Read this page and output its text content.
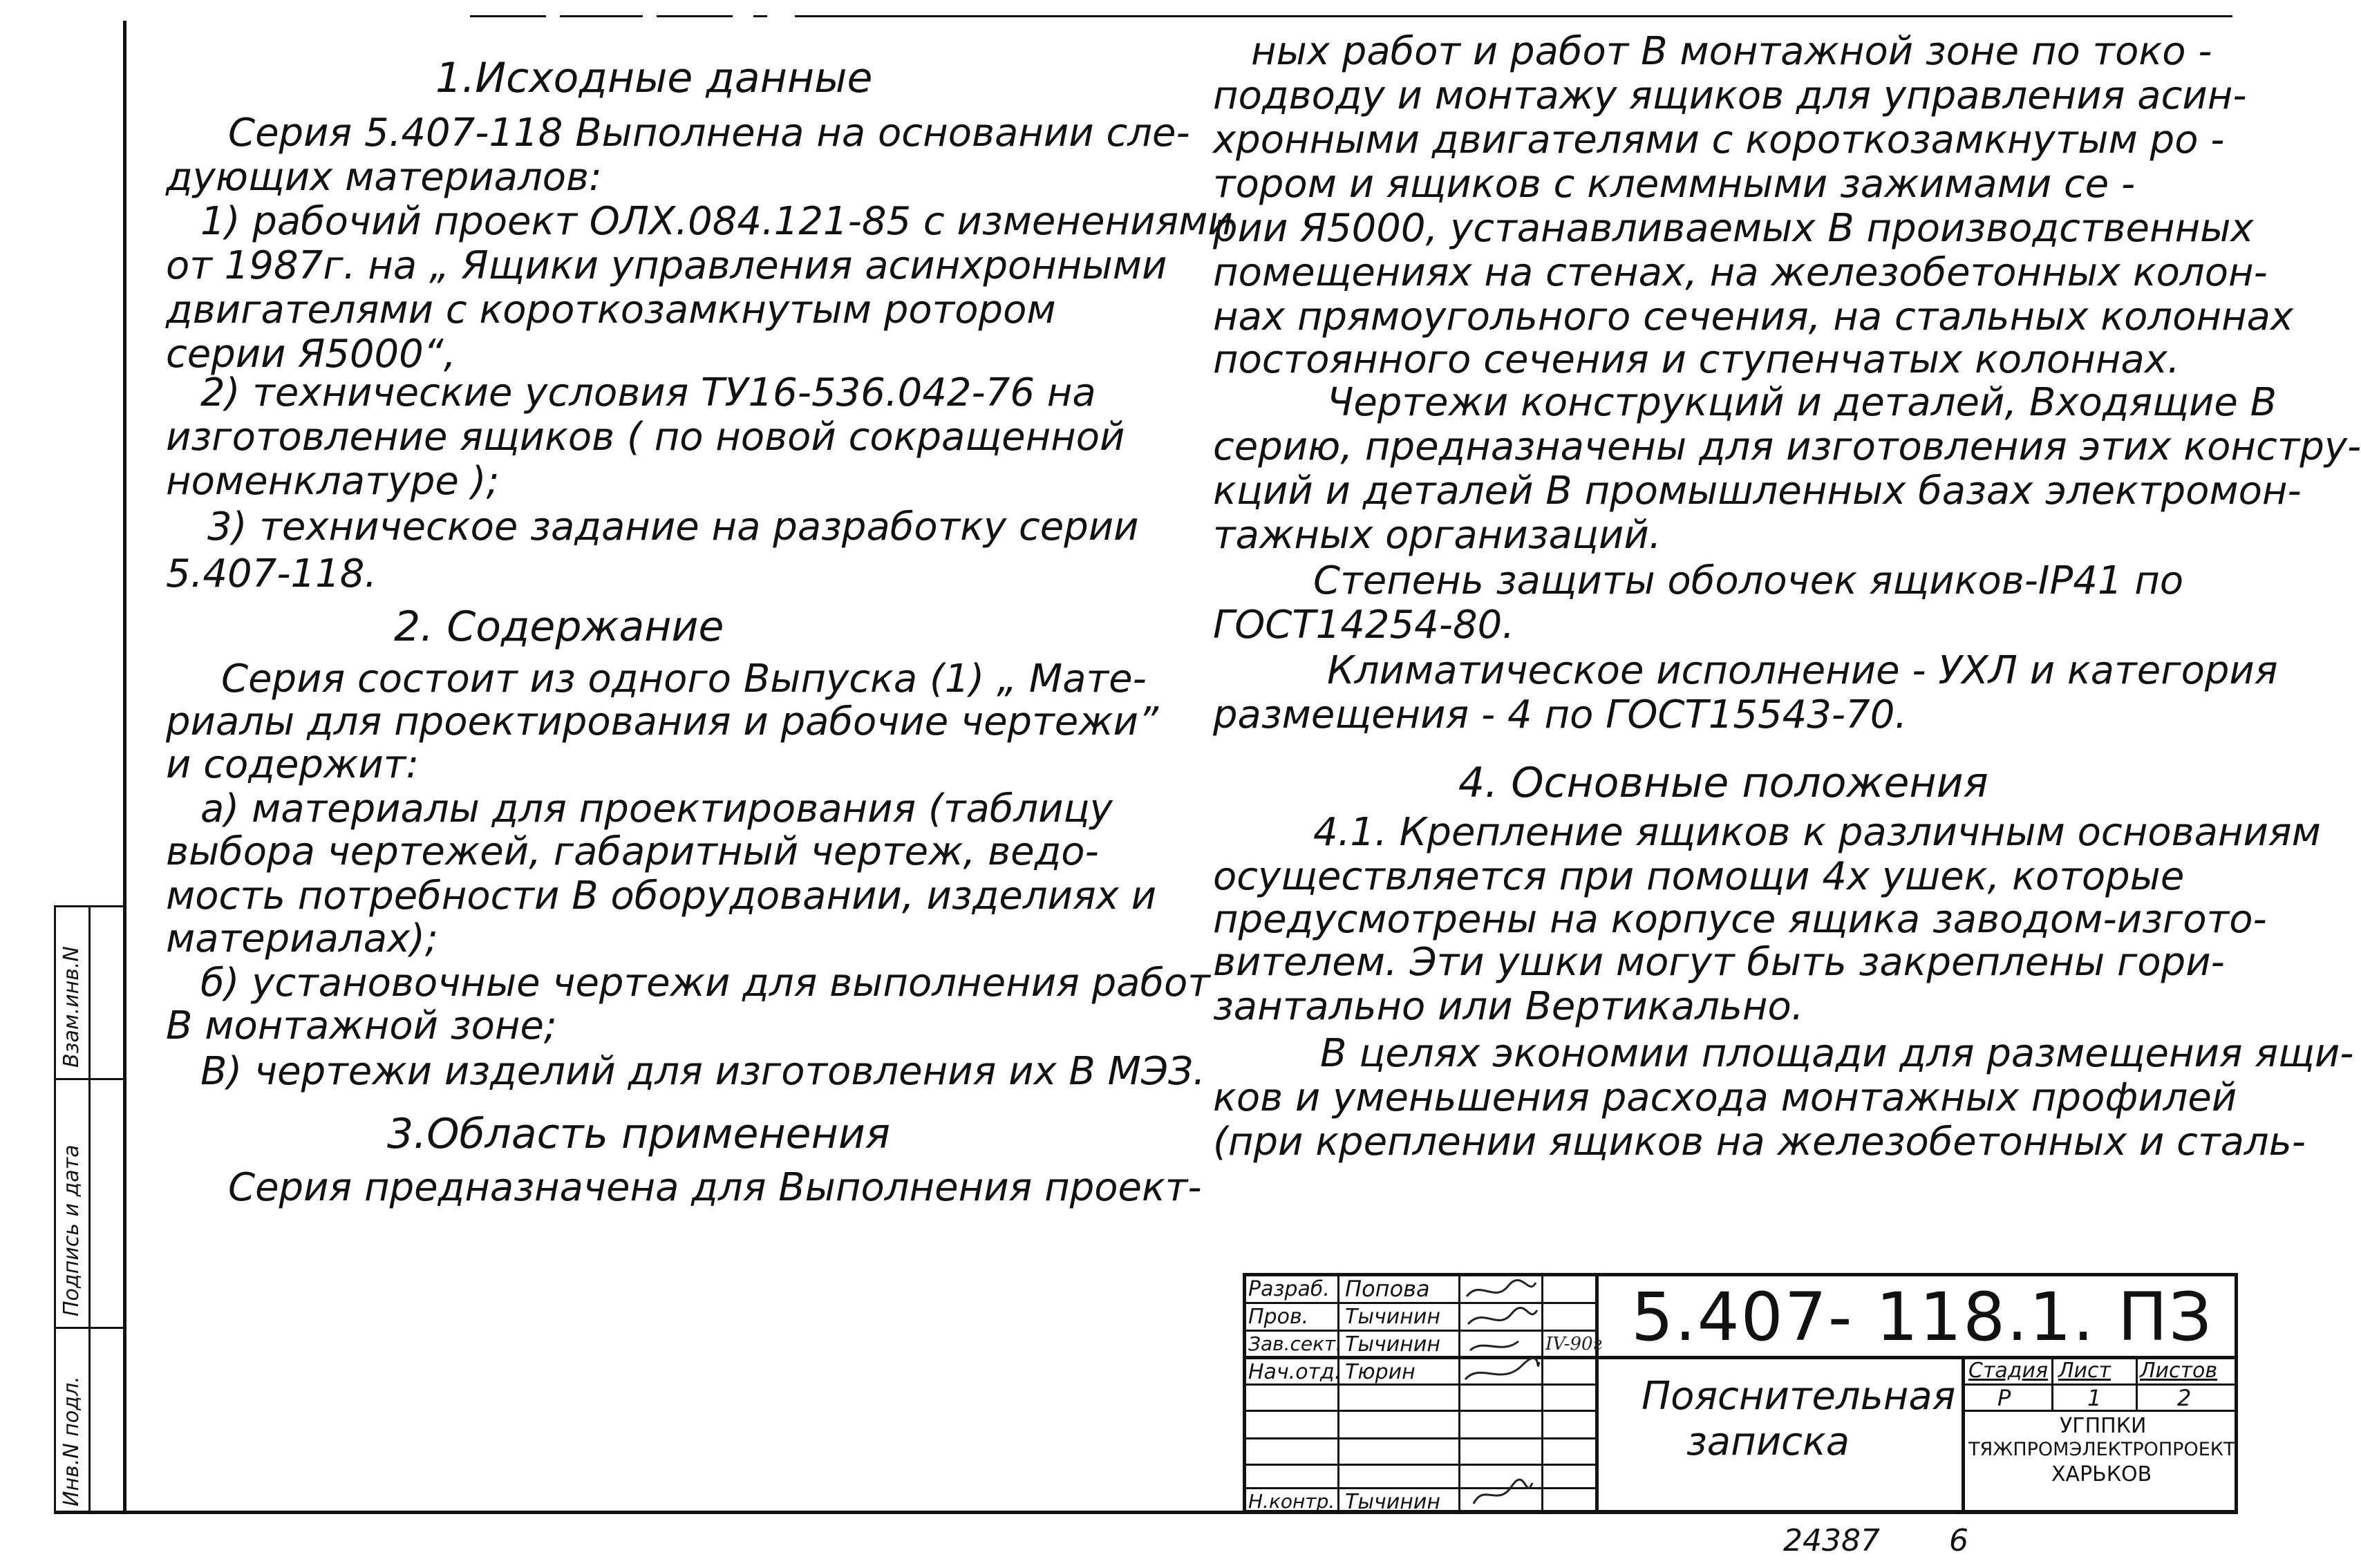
Инв.N подл.
Подпись и дата
Взам.инв.N
1.Исходные данные
Серия 5.407-118 Выполнена на основании сле-
дующих материалов:
1) рабочий проект ОЛХ.084.121-85 с изменениями
от 1987г. на „ Ящики управления асинхронными
двигателями с короткозамкнутым ротором
серии Я5000“,
2) технические условия ТУ16-536.042-76 на
изготовление ящиков ( по новой сокращенной
номенклатуре );
3) техническое задание на разработку серии
5.407-118.
2. Содержание
Серия состоит из одного Выпуска (1) „ Мате-
риалы для проектирования и рабочие чертежи”
и содержит:
а) материалы для проектирования (таблицу
выбора чертежей, габаритный чертеж, ведо-
мость потребности В оборудовании, изделиях и
материалах);
б) установочные чертежи для выполнения работ
В монтажной зоне;
В) чертежи изделий для изготовления их В МЭЗ.
3.Область применения
Серия предназначена для Выполнения проект-
ных работ и работ В монтажной зоне по токо -
подводу и монтажу ящиков для управления асин-
хронными двигателями с короткозамкнутым ро -
тором и ящиков с клеммными зажимами се -
рии Я5000, устанавливаемых В производственных
помещениях на стенах, на железобетонных колон-
нах прямоугольного сечения, на стальных колоннах
постоянного сечения и ступенчатых колоннах.
Чертежи конструкций и деталей, Входящие В
серию, предназначены для изготовления этих констру-
кций и деталей В промышленных базах электромон-
тажных организаций.
Степень защиты оболочек ящиков-IP41 по
ГОСТ14254-80.
Климатическое исполнение - УХЛ и категория
размещения - 4 по ГОСТ15543-70.
4. Основные положения
4.1. Крепление ящиков к различным основаниям
осуществляется при помощи 4х ушек, которые
предусмотрены на корпусе ящика заводом-изгото-
вителем. Эти ушки могут быть закреплены гори-
зантально или Вертикально.
В целях экономии площади для размещения ящи-
ков и уменьшения расхода монтажных профилей
(при креплении ящиков на железобетонных и сталь-
Разраб.
Пров.
Зав.сект.
Нач.отд.
Н.контр.
Попова
Тычинин
Тычинин
Тюрин
Тычинин
IV-90г 5.407- 118.1. ПЗ
Пояснительная
записка
Стадия Лист Листов
Р	1	2
УГППКИ
ТЯЖПРОМЭЛЕКТРОПРОЕКТ
ХАРЬКОВ
24387 6
